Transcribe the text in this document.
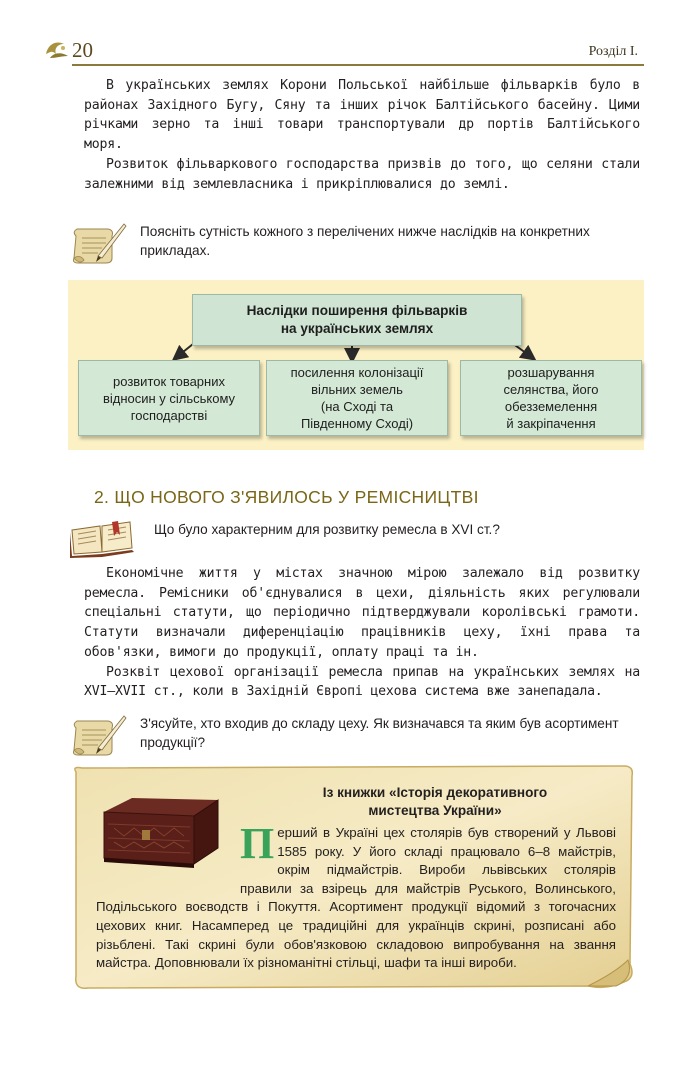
20	Розділ I.

В українських землях Корони Польської найбільше фільварків було в районах Західного Бугу, Сяну та інших річок Балтійського басейну. Цими річками зерно та інші товари транспортували др портів Балтійського моря.

Розвиток фільваркового господарства призвів до того, що селяни стали залежними від землевласника і прикріплювалися до землі.

Поясніть сутність кожного з перелічених нижче наслідків на конкретних прикладах.
Наслідки поширення фільварків
на українських землях
розвиток товарних
відносин у сільському
господарстві
посилення колонізації
вільних земель
(на Сході та
Південному Сході)
розшарування
селянства, його
обезземелення
й закріпачення
2. ЩО НОВОГО З'ЯВИЛОСЬ У РЕМІСНИЦТВІ
Що було характерним для розвитку ремесла в XVI ст.?

Економічне життя у містах значною мірою залежало від розвитку ремесла. Ремісники об'єднувалися в цехи, діяльність яких регулювали спеціальні статути, що періодично підтверджували королівські грамоти. Статути визначали диференціацію працівників цеху, їхні права та обов'язки, вимоги до продукції, оплату праці та ін.

Розквіт цехової організації ремесла припав на українських землях на XVI–XVII ст., коли в Західній Європі цехова система вже занепадала.

З'ясуйте, хто входив до складу цеху. Як визначався та яким був асортимент продукції?
Із книжки «Історія декоративного
мистецтва України»
П ерший в Україні цех столярів був створений у Львові 1585 року. У його складі працювало 6–8 майстрів, окрім підмайстрів. Вироби львівських столярів правили за взірець для майстрів Руського, Волинського, Подільського воєводств і Покуття. Асортимент продукції відомий з тогочасних цехових книг. Насамперед це традиційні для українців скрині, розписані або різьблені. Такі скрині були обов'язковою складовою випробування на звання майстра. Доповнювали їх різноманітні стільці, шафи та інші вироби.
